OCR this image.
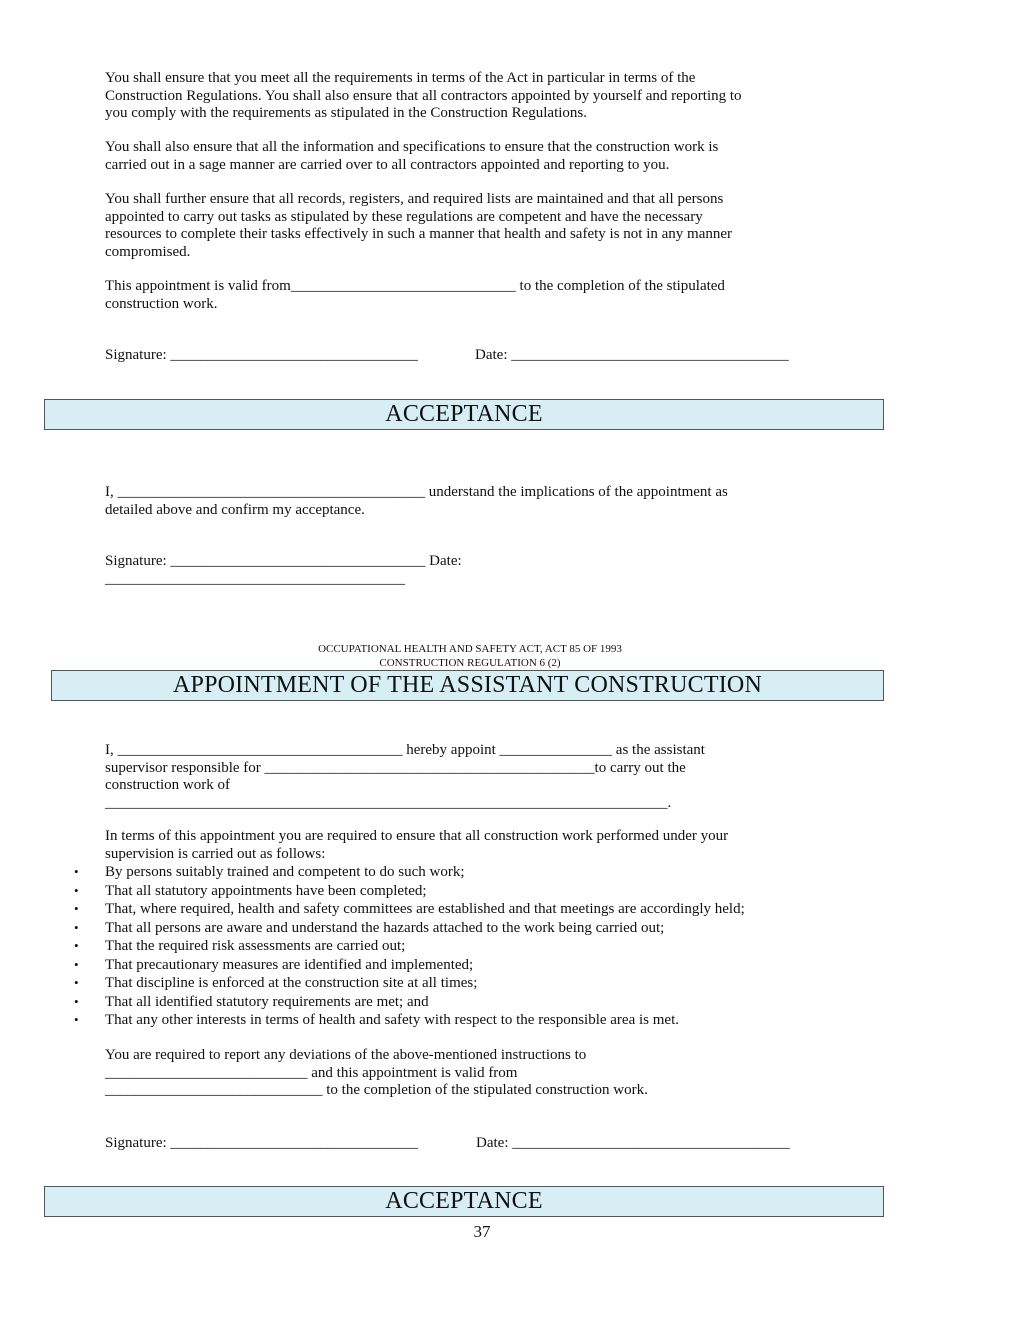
You shall ensure that you meet all the requirements in terms of the Act in particular in terms of the
Construction Regulations. You shall also ensure that all contractors appointed by yourself and reporting to
you comply with the requirements as stipulated in the Construction Regulations.
You shall also ensure that all the information and specifications to ensure that the construction work is
carried out in a sage manner are carried over to all contractors appointed and reporting to you.
You shall further ensure that all records, registers, and required lists are maintained and that all persons
appointed to carry out tasks as stipulated by these regulations are competent and have the necessary
resources to complete their tasks effectively in such a manner that health and safety is not in any manner
compromised.
This appointment is valid from______________________________ to the completion of the stipulated
construction work.
Signature: _________________________________	Date: _____________________________________
ACCEPTANCE
I, _________________________________________ understand the implications of the appointment as
detailed above and confirm my acceptance.
Signature: __________________________________ Date:
________________________________________
OCCUPATIONAL HEALTH AND SAFETY ACT, ACT 85 OF 1993
CONSTRUCTION REGULATION 6 (2)
APPOINTMENT OF THE ASSISTANT CONSTRUCTION
I, ______________________________________ hereby appoint _______________ as the assistant
supervisor responsible for ____________________________________________to carry out the
construction work of
___________________________________________________________________________.
In terms of this appointment you are required to ensure that all construction work performed under your
supervision is carried out as follows:
• By persons suitably trained and competent to do such work;
• That all statutory appointments have been completed;
• That, where required, health and safety committees are established and that meetings are accordingly held;
• That all persons are aware and understand the hazards attached to the work being carried out;
• That the required risk assessments are carried out;
• That precautionary measures are identified and implemented;
• That discipline is enforced at the construction site at all times;
• That all identified statutory requirements are met; and
• That any other interests in terms of health and safety with respect to the responsible area is met.
You are required to report any deviations of the above-mentioned instructions to
___________________________ and this appointment is valid from
_____________________________ to the completion of the stipulated construction work.
Signature: _________________________________	Date: _____________________________________
ACCEPTANCE
37
